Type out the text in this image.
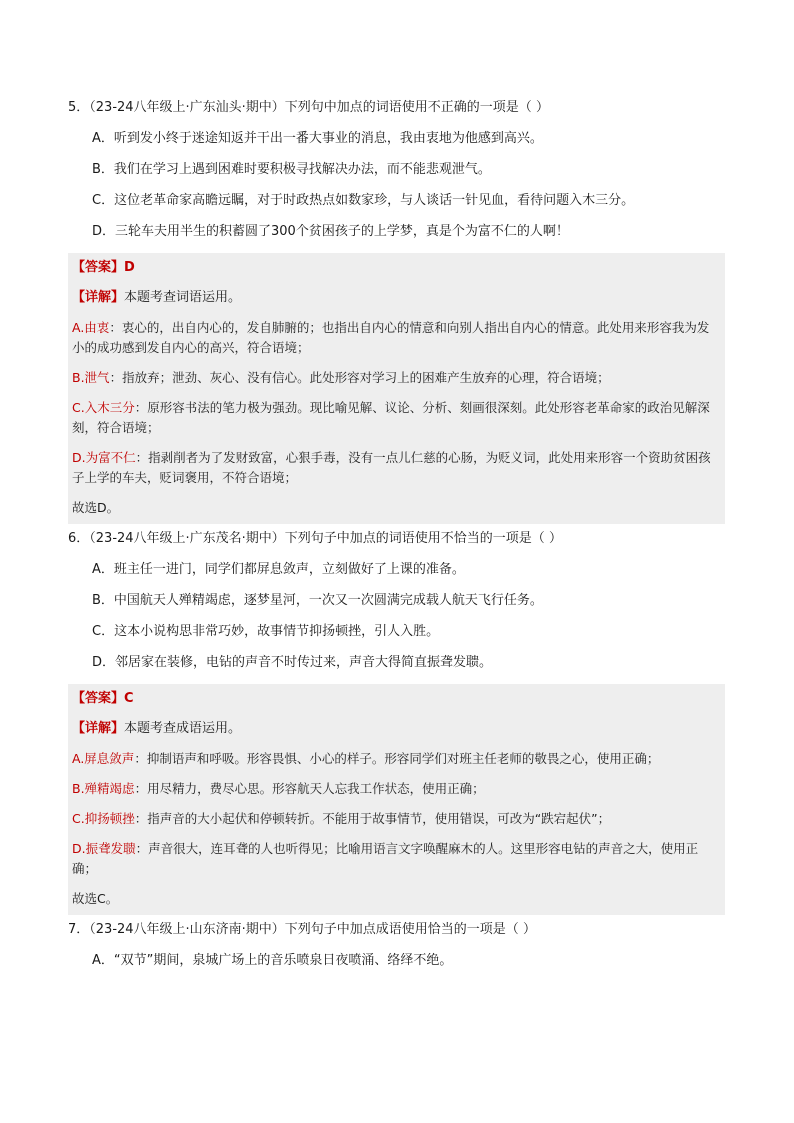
5．（23-24八年级上·广东汕头·期中）下列句中加点的词语使用不正确的一项是（ ）
A．听到发小终于迷途知返并干出一番大事业的消息，我由衷地为他感到高兴。
B．我们在学习上遇到困难时要积极寻找解决办法，而不能悲观泄气。
C．这位老革命家高瞻远瞩，对于时政热点如数家珍，与人谈话一针见血，看待问题入木三分。
D．三轮车夫用半生的积蓄圆了300个贫困孩子的上学梦，真是个为富不仁的人啊！
【答案】D
【详解】本题考查词语运用。
A.由衷：衷心的，出自内心的，发自肺腑的；也指出自内心的情意和向别人指出自内心的情意。此处用来形容我为发小的成功感到发自内心的高兴，符合语境；
B.泄气：指放弃；泄劲、灰心、没有信心。此处形容对学习上的困难产生放弃的心理，符合语境；
C.入木三分：原形容书法的笔力极为强劲。现比喻见解、议论、分析、刻画很深刻。此处形容老革命家的政治见解深刻，符合语境；
D.为富不仁：指剥削者为了发财致富，心狠手毒，没有一点儿仁慈的心肠，为贬义词，此处用来形容一个资助贫困孩子上学的车夫，贬词褒用，不符合语境；
故选D。
6．（23-24八年级上·广东茂名·期中）下列句子中加点的词语使用不恰当的一项是（ ）
A．班主任一进门，同学们都屏息敛声，立刻做好了上课的准备。
B．中国航天人殚精竭虑，逐梦星河，一次又一次圆满完成载人航天飞行任务。
C．这本小说构思非常巧妙，故事情节抑扬顿挫，引人入胜。
D．邻居家在装修，电钻的声音不时传过来，声音大得简直振聋发聩。
【答案】C
【详解】本题考查成语运用。
A.屏息敛声：抑制语声和呼吸。形容畏惧、小心的样子。形容同学们对班主任老师的敬畏之心，使用正确；
B.殚精竭虑：用尽精力，费尽心思。形容航天人忘我工作状态，使用正确；
C.抑扬顿挫：指声音的大小起伏和停顿转折。不能用于故事情节，使用错误，可改为“跌宕起伏”；
D.振聋发聩：声音很大，连耳聋的人也听得见；比喻用语言文字唤醒麻木的人。这里形容电钻的声音之大，使用正确；
故选C。
7．（23-24八年级上·山东济南·期中）下列句子中加点成语使用恰当的一项是（ ）
A．“双节”期间，泉城广场上的音乐喷泉日夜喷涌、络绎不绝。
